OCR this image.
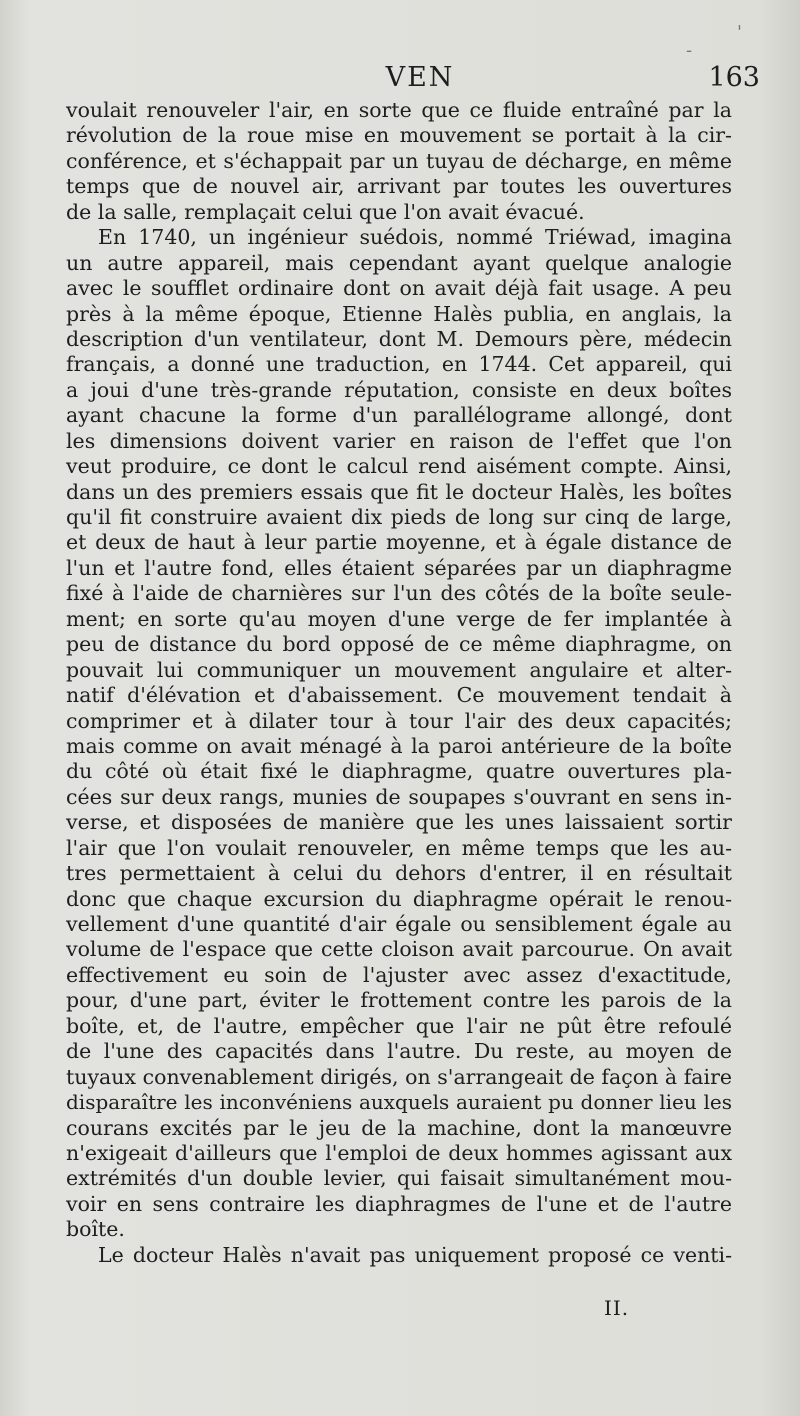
VEN	163
voulait renouveler l'air, en sorte que ce fluide entraîné par la
révolution de la roue mise en mouvement se portait à la cir-
conférence, et s'échappait par un tuyau de décharge, en même
temps que de nouvel air, arrivant par toutes les ouvertures
de la salle, remplaçait celui que l'on avait évacué.
En 1740, un ingénieur suédois, nommé Triéwad, imagina
un autre appareil, mais cependant ayant quelque analogie
avec le soufflet ordinaire dont on avait déjà fait usage. A peu
près à la même époque, Etienne Halès publia, en anglais, la
description d'un ventilateur, dont M. Demours père, médecin
français, a donné une traduction, en 1744. Cet appareil, qui
a joui d'une très-grande réputation, consiste en deux boîtes
ayant chacune la forme d'un parallélograme allongé, dont
les dimensions doivent varier en raison de l'effet que l'on
veut produire, ce dont le calcul rend aisément compte. Ainsi,
dans un des premiers essais que fit le docteur Halès, les boîtes
qu'il fit construire avaient dix pieds de long sur cinq de large,
et deux de haut à leur partie moyenne, et à égale distance de
l'un et l'autre fond, elles étaient séparées par un diaphragme
fixé à l'aide de charnières sur l'un des côtés de la boîte seule-
ment; en sorte qu'au moyen d'une verge de fer implantée à
peu de distance du bord opposé de ce même diaphragme, on
pouvait lui communiquer un mouvement angulaire et alter-
natif d'élévation et d'abaissement. Ce mouvement tendait à
comprimer et à dilater tour à tour l'air des deux capacités;
mais comme on avait ménagé à la paroi antérieure de la boîte
du côté où était fixé le diaphragme, quatre ouvertures pla-
cées sur deux rangs, munies de soupapes s'ouvrant en sens in-
verse, et disposées de manière que les unes laissaient sortir
l'air que l'on voulait renouveler, en même temps que les au-
tres permettaient à celui du dehors d'entrer, il en résultait
donc que chaque excursion du diaphragme opérait le renou-
vellement d'une quantité d'air égale ou sensiblement égale au
volume de l'espace que cette cloison avait parcourue. On avait
effectivement eu soin de l'ajuster avec assez d'exactitude,
pour, d'une part, éviter le frottement contre les parois de la
boîte, et, de l'autre, empêcher que l'air ne pût être refoulé
de l'une des capacités dans l'autre. Du reste, au moyen de
tuyaux convenablement dirigés, on s'arrangeait de façon à faire
disparaître les inconvéniens auxquels auraient pu donner lieu les
courans excités par le jeu de la machine, dont la manœuvre
n'exigeait d'ailleurs que l'emploi de deux hommes agissant aux
extrémités d'un double levier, qui faisait simultanément mou-
voir en sens contraire les diaphragmes de l'une et de l'autre
boîte.
Le docteur Halès n'avait pas uniquement proposé ce venti-
II.
'
-
